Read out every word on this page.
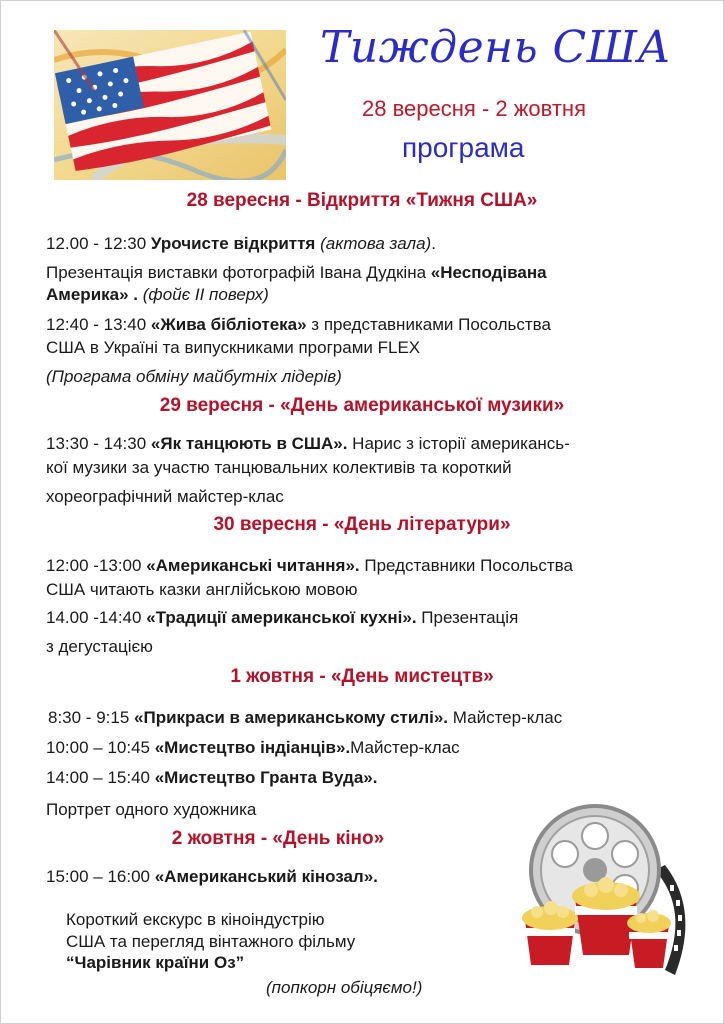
Тиждень США
28 вересня - 2 жовтня
програма
28 вересня - Відкриття «Тижня США»
12.00 - 12:30 Урочисте відкриття (актова зала).
Презентація виставки фотографій Івана Дудкіна «Несподівана
Америка» . (фойє ІІ поверх)
12:40 - 13:40 «Жива бібліотека» з представниками Посольства
США в Україні та випускниками програми FLEX
(Програма обміну майбутніх лідерів)
29 вересня - «День американської музики»
13:30 - 14:30 «Як танцюють в США». Нарис з історії американсь-
кої музики за участю танцювальних колективів та короткий
хореографічний майстер-клас
30 вересня - «День літератури»
12:00 -13:00 «Американські читання». Представники Посольства
США читають казки англійською мовою
14.00 -14:40 «Традиції американської кухні». Презентація
з дегустацією
1 жовтня - «День мистецтв»
8:30 - 9:15 «Прикраси в американському стилі». Майстер-клас
10:00 – 10:45 «Мистецтво індіанців».Майстер-клас
14:00 – 15:40 «Мистецтво Гранта Вуда».
Портрет одного художника
2 жовтня - «День кіно»
15:00 – 16:00 «Американський кінозал».
Короткий екскурс в кіноіндустрію
США та перегляд вінтажного фільму
“Чарівник країни Оз”
(попкорн обіцяємо!)
